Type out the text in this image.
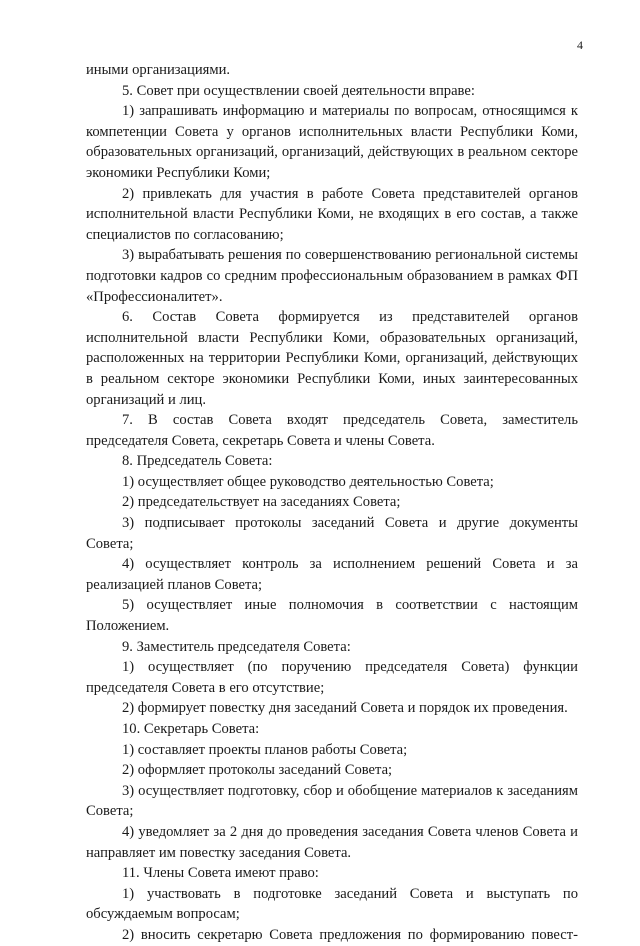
4

иными организациями.

5. Совет при осуществлении своей деятельности вправе:

1) запрашивать информацию и материалы по вопросам, относящимся к компетенции Совета у органов исполнительных власти Республики Коми, образовательных организаций, организаций, действующих в реальном секторе экономики Республики Коми;

2) привлекать для участия в работе Совета представителей органов исполнительной власти Республики Коми, не входящих в его состав, а также специалистов по согласованию;

3) вырабатывать решения по совершенствованию региональной системы подготовки кадров со средним профессиональным образованием в рамках ФП «Профессионалитет».

6. Состав Совета формируется из представителей органов исполнительной власти Республики Коми, образовательных организаций, расположенных на территории Республики Коми, организаций, действующих в реальном секторе экономики Республики Коми, иных заинтересованных организаций и лиц.

7. В состав Совета входят председатель Совета, заместитель председателя Совета, секретарь Совета и члены Совета.

8. Председатель Совета:

1) осуществляет общее руководство деятельностью Совета;

2) председательствует на заседаниях Совета;

3) подписывает протоколы заседаний Совета и другие документы Совета;

4) осуществляет контроль за исполнением решений Совета и за реализацией планов Совета;

5) осуществляет иные полномочия в соответствии с настоящим Положением.

9. Заместитель председателя Совета:

1) осуществляет (по поручению председателя Совета) функции председателя Совета в его отсутствие;

2) формирует повестку дня заседаний Совета и порядок их проведения.

10. Секретарь Совета:

1) составляет проекты планов работы Совета;

2) оформляет протоколы заседаний Совета;

3) осуществляет подготовку, сбор и обобщение материалов к заседаниям Совета;

4) уведомляет за 2 дня до проведения заседания Совета членов Совета и направляет им повестку заседания Совета.

11. Члены Совета имеют право:

1) участвовать в подготовке заседаний Совета и выступать по обсуждаемым вопросам;

2) вносить секретарю Совета предложения по формированию повест-
